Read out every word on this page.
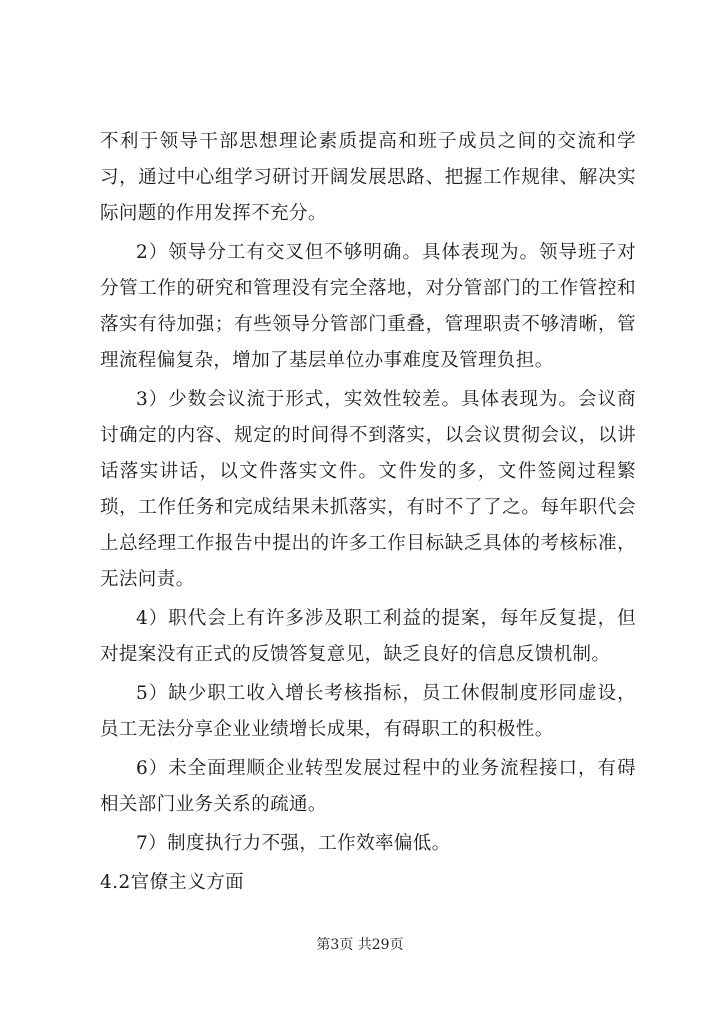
不利于领导干部思想理论素质提高和班子成员之间的交流和学习，通过中心组学习研讨开阔发展思路、把握工作规律、解决实际问题的作用发挥不充分。

2）领导分工有交叉但不够明确。具体表现为。领导班子对分管工作的研究和管理没有完全落地，对分管部门的工作管控和落实有待加强；有些领导分管部门重叠，管理职责不够清晰，管理流程偏复杂，增加了基层单位办事难度及管理负担。

3）少数会议流于形式，实效性较差。具体表现为。会议商讨确定的内容、规定的时间得不到落实，以会议贯彻会议，以讲话落实讲话，以文件落实文件。文件发的多，文件签阅过程繁琐，工作任务和完成结果未抓落实，有时不了了之。每年职代会上总经理工作报告中提出的许多工作目标缺乏具体的考核标准，无法问责。

4）职代会上有许多涉及职工利益的提案，每年反复提，但对提案没有正式的反馈答复意见，缺乏良好的信息反馈机制。

5）缺少职工收入增长考核指标，员工休假制度形同虚设，员工无法分享企业业绩增长成果，有碍职工的积极性。

6）未全面理顺企业转型发展过程中的业务流程接口，有碍相关部门业务关系的疏通。

7）制度执行力不强，工作效率偏低。

4.2官僚主义方面

第3页 共29页
